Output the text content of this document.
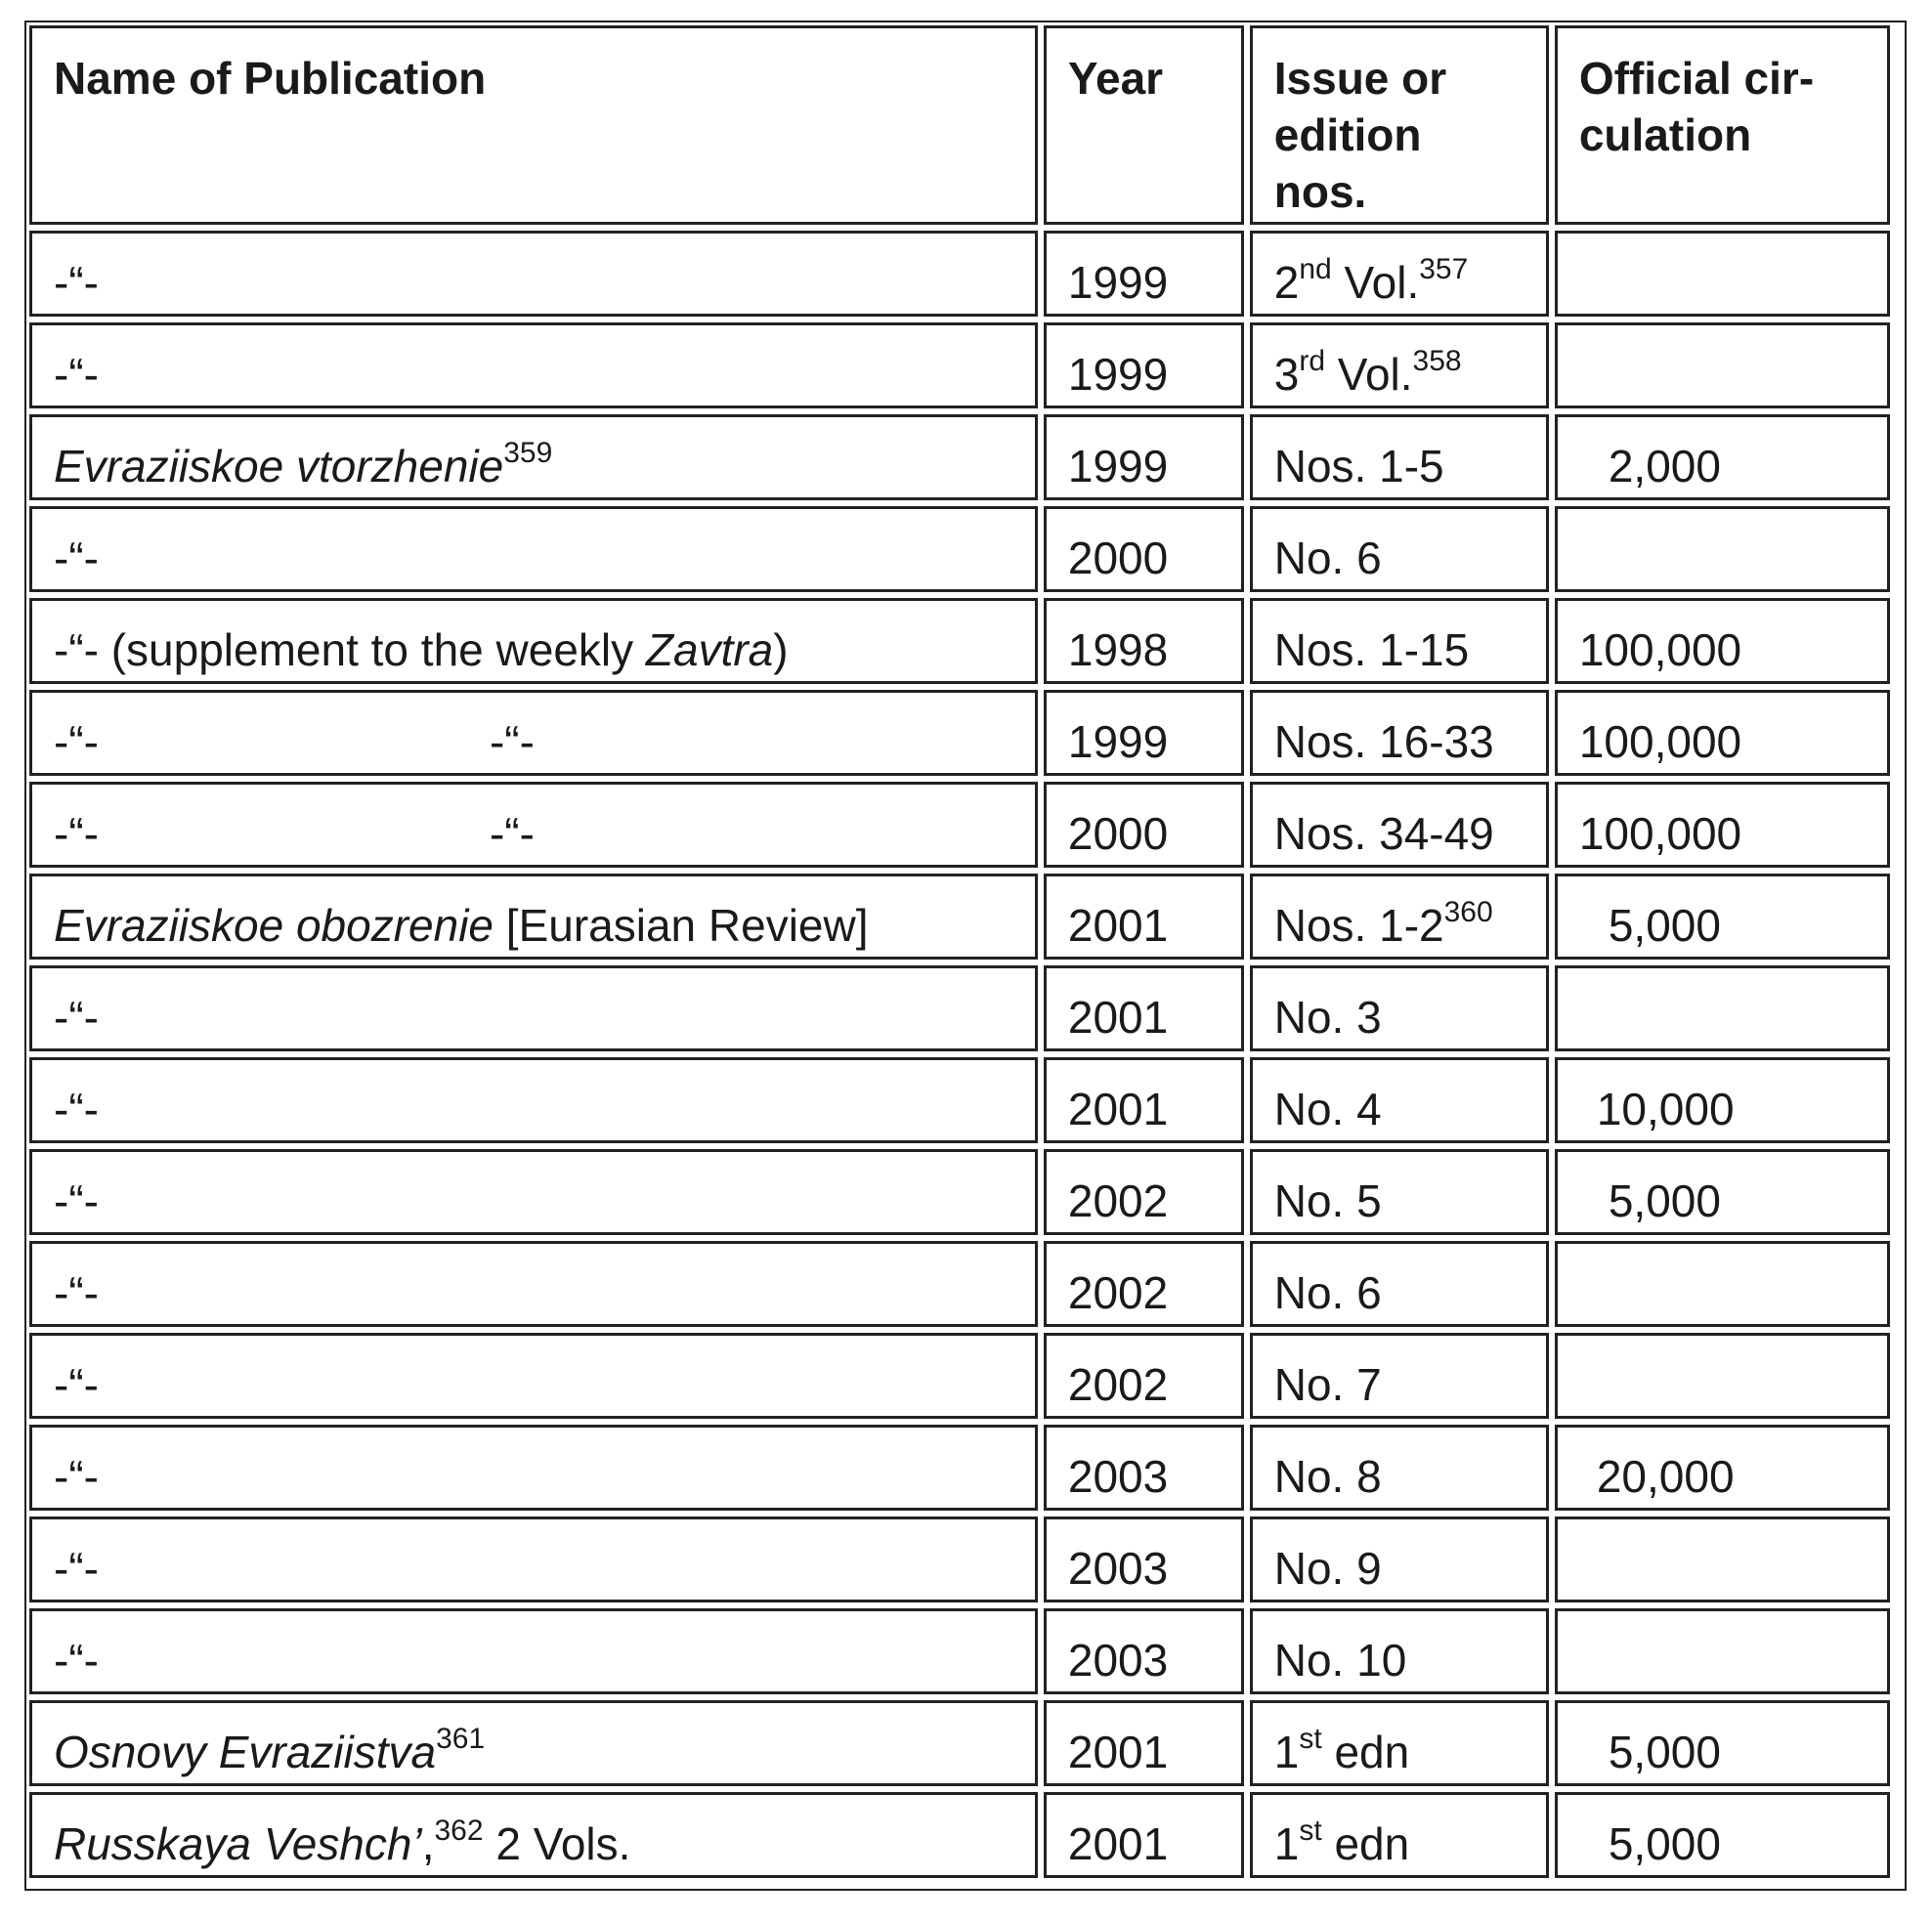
Name of Publication	Year	Issue or edition nos.	Official cir-culation
-“-	1999	2nd Vol.$^{357}$	
-“-	1999	3rd Vol.$^{358}$	
Evraziiskoe vtorzhenie$^{359}$	1999	Nos. 1-5	2,000
-“-	2000	No. 6	
-“- (supplement to the weekly Zavtra)	1998	Nos. 1-15	100,000
-“- -“-	1999	Nos. 16-33	100,000
-“- -“-	2000	Nos. 34-49	100,000
Evraziiskoe obozrenie [Eurasian Review]	2001	Nos. $1-2^{360}$	5,000
-“-	2001	No. 3	
-“-	2001	No. 4	10,000
-“-	2002	No. 5	5,000
-“-	2002	No. 6	
-“-	2002	No. 7	
-“-	2003	No. 8	20,000
-“-	2003	No. 9	
-“-	2003	No. 10	
Osnovy Evraziistva$^{361}$	2001	1st edn	5,000
Russkaya Veshch’,$^{362}$ 2 Vols.	2001	1st edn	5,000
